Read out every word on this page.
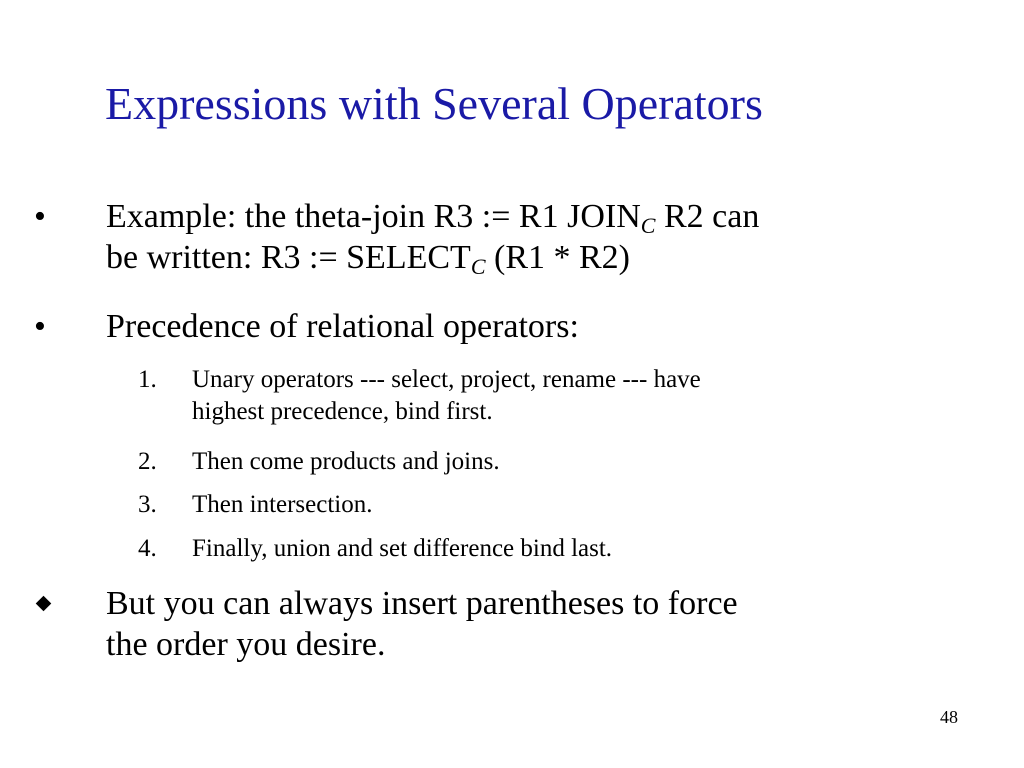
Expressions with Several Operators
• Example: the theta-join R3 := R1 $JOIN_C$ R2 can
be written: R3 := $SELECT_C$ (R1 * R2)
• Precedence of relational operators:
1. Unary operators --- select, project, rename --- have
highest precedence, bind first.
2. Then come products and joins.
3. Then intersection.
4. Finally, union and set difference bind last.
But you can always insert parentheses to force
the order you desire.
48
